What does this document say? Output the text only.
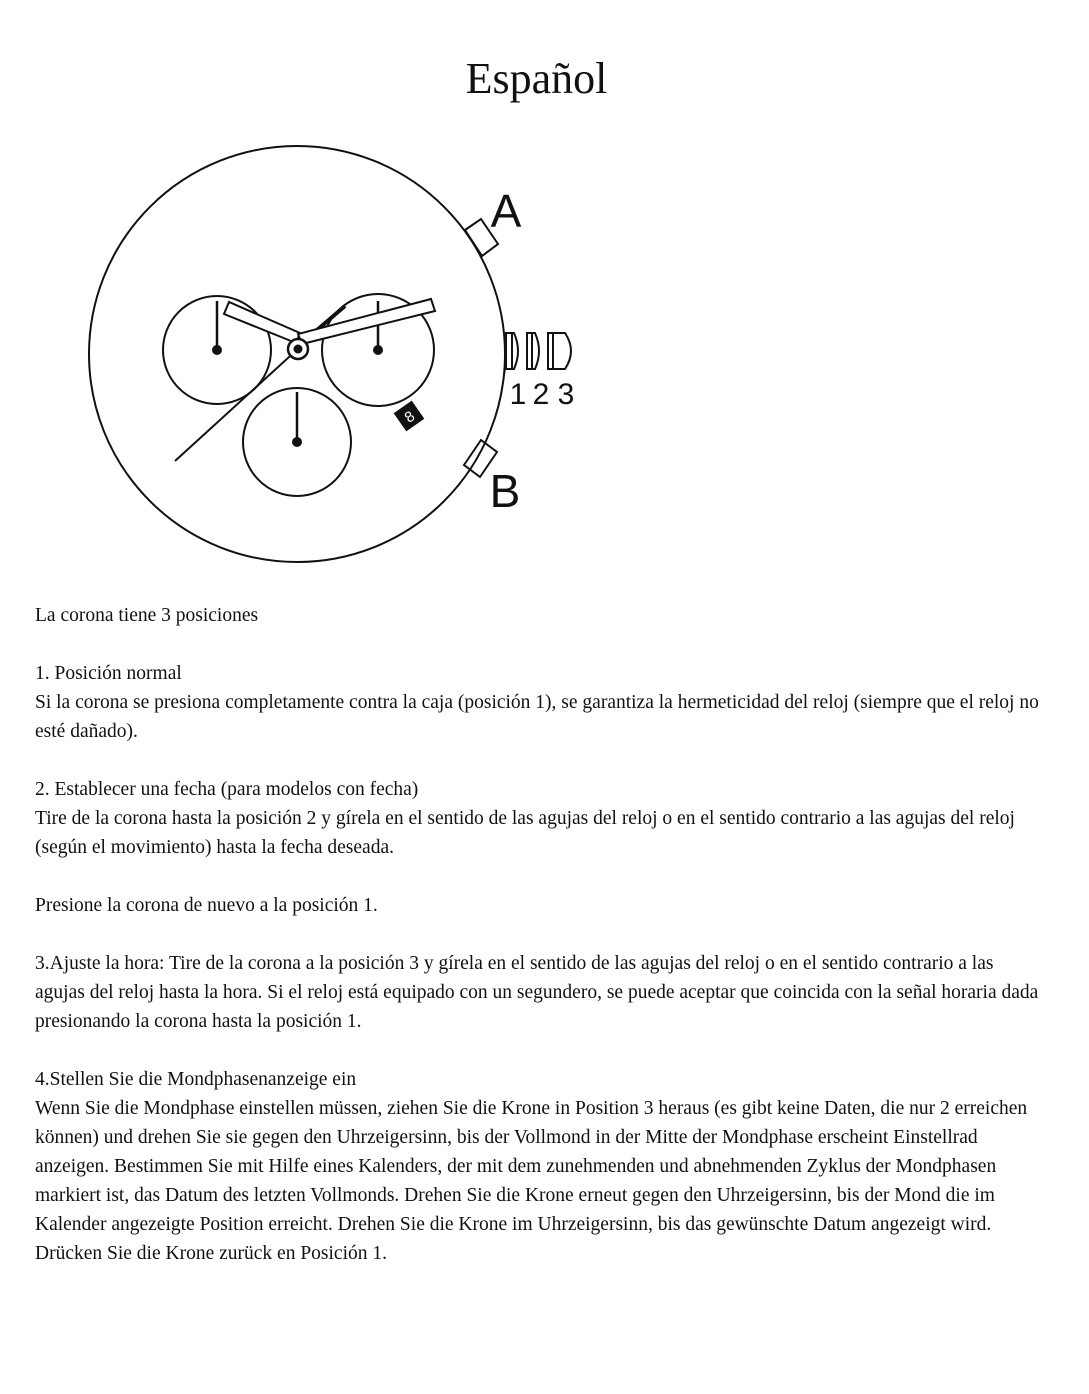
Español
8
A
B
1 2 3

La corona tiene 3 posiciones

1. Posición normal

Si la corona se presiona completamente contra la caja (posición 1), se garantiza la hermeticidad del reloj (siempre que el reloj no esté dañado).

2. Establecer una fecha (para modelos con fecha)

Tire de la corona hasta la posición 2 y gírela en el sentido de las agujas del reloj o en el sentido contrario a las agujas del reloj (según el movimiento) hasta la fecha deseada.

Presione la corona de nuevo a la posición 1.

3.Ajuste la hora: Tire de la corona a la posición 3 y gírela en el sentido de las agujas del reloj o en el sentido contrario a las agujas del reloj hasta la hora. Si el reloj está equipado con un segundero, se puede aceptar que coincida con la señal horaria dada presionando la corona hasta la posición 1.

4.Stellen Sie die Mondphasenanzeige ein

Wenn Sie die Mondphase einstellen müssen, ziehen Sie die Krone in Position 3 heraus (es gibt keine Daten, die nur 2 erreichen können) und drehen Sie sie gegen den Uhrzeigersinn, bis der Vollmond in der Mitte der Mondphase erscheint Einstellrad anzeigen. Bestimmen Sie mit Hilfe eines Kalenders, der mit dem zunehmenden und abnehmenden Zyklus der Mondphasen markiert ist, das Datum des letzten Vollmonds. Drehen Sie die Krone erneut gegen den Uhrzeigersinn, bis der Mond die im Kalender angezeigte Position erreicht. Drehen Sie die Krone im Uhrzeigersinn, bis das gewünschte Datum angezeigt wird. Drücken Sie die Krone zurück en Posición 1.
